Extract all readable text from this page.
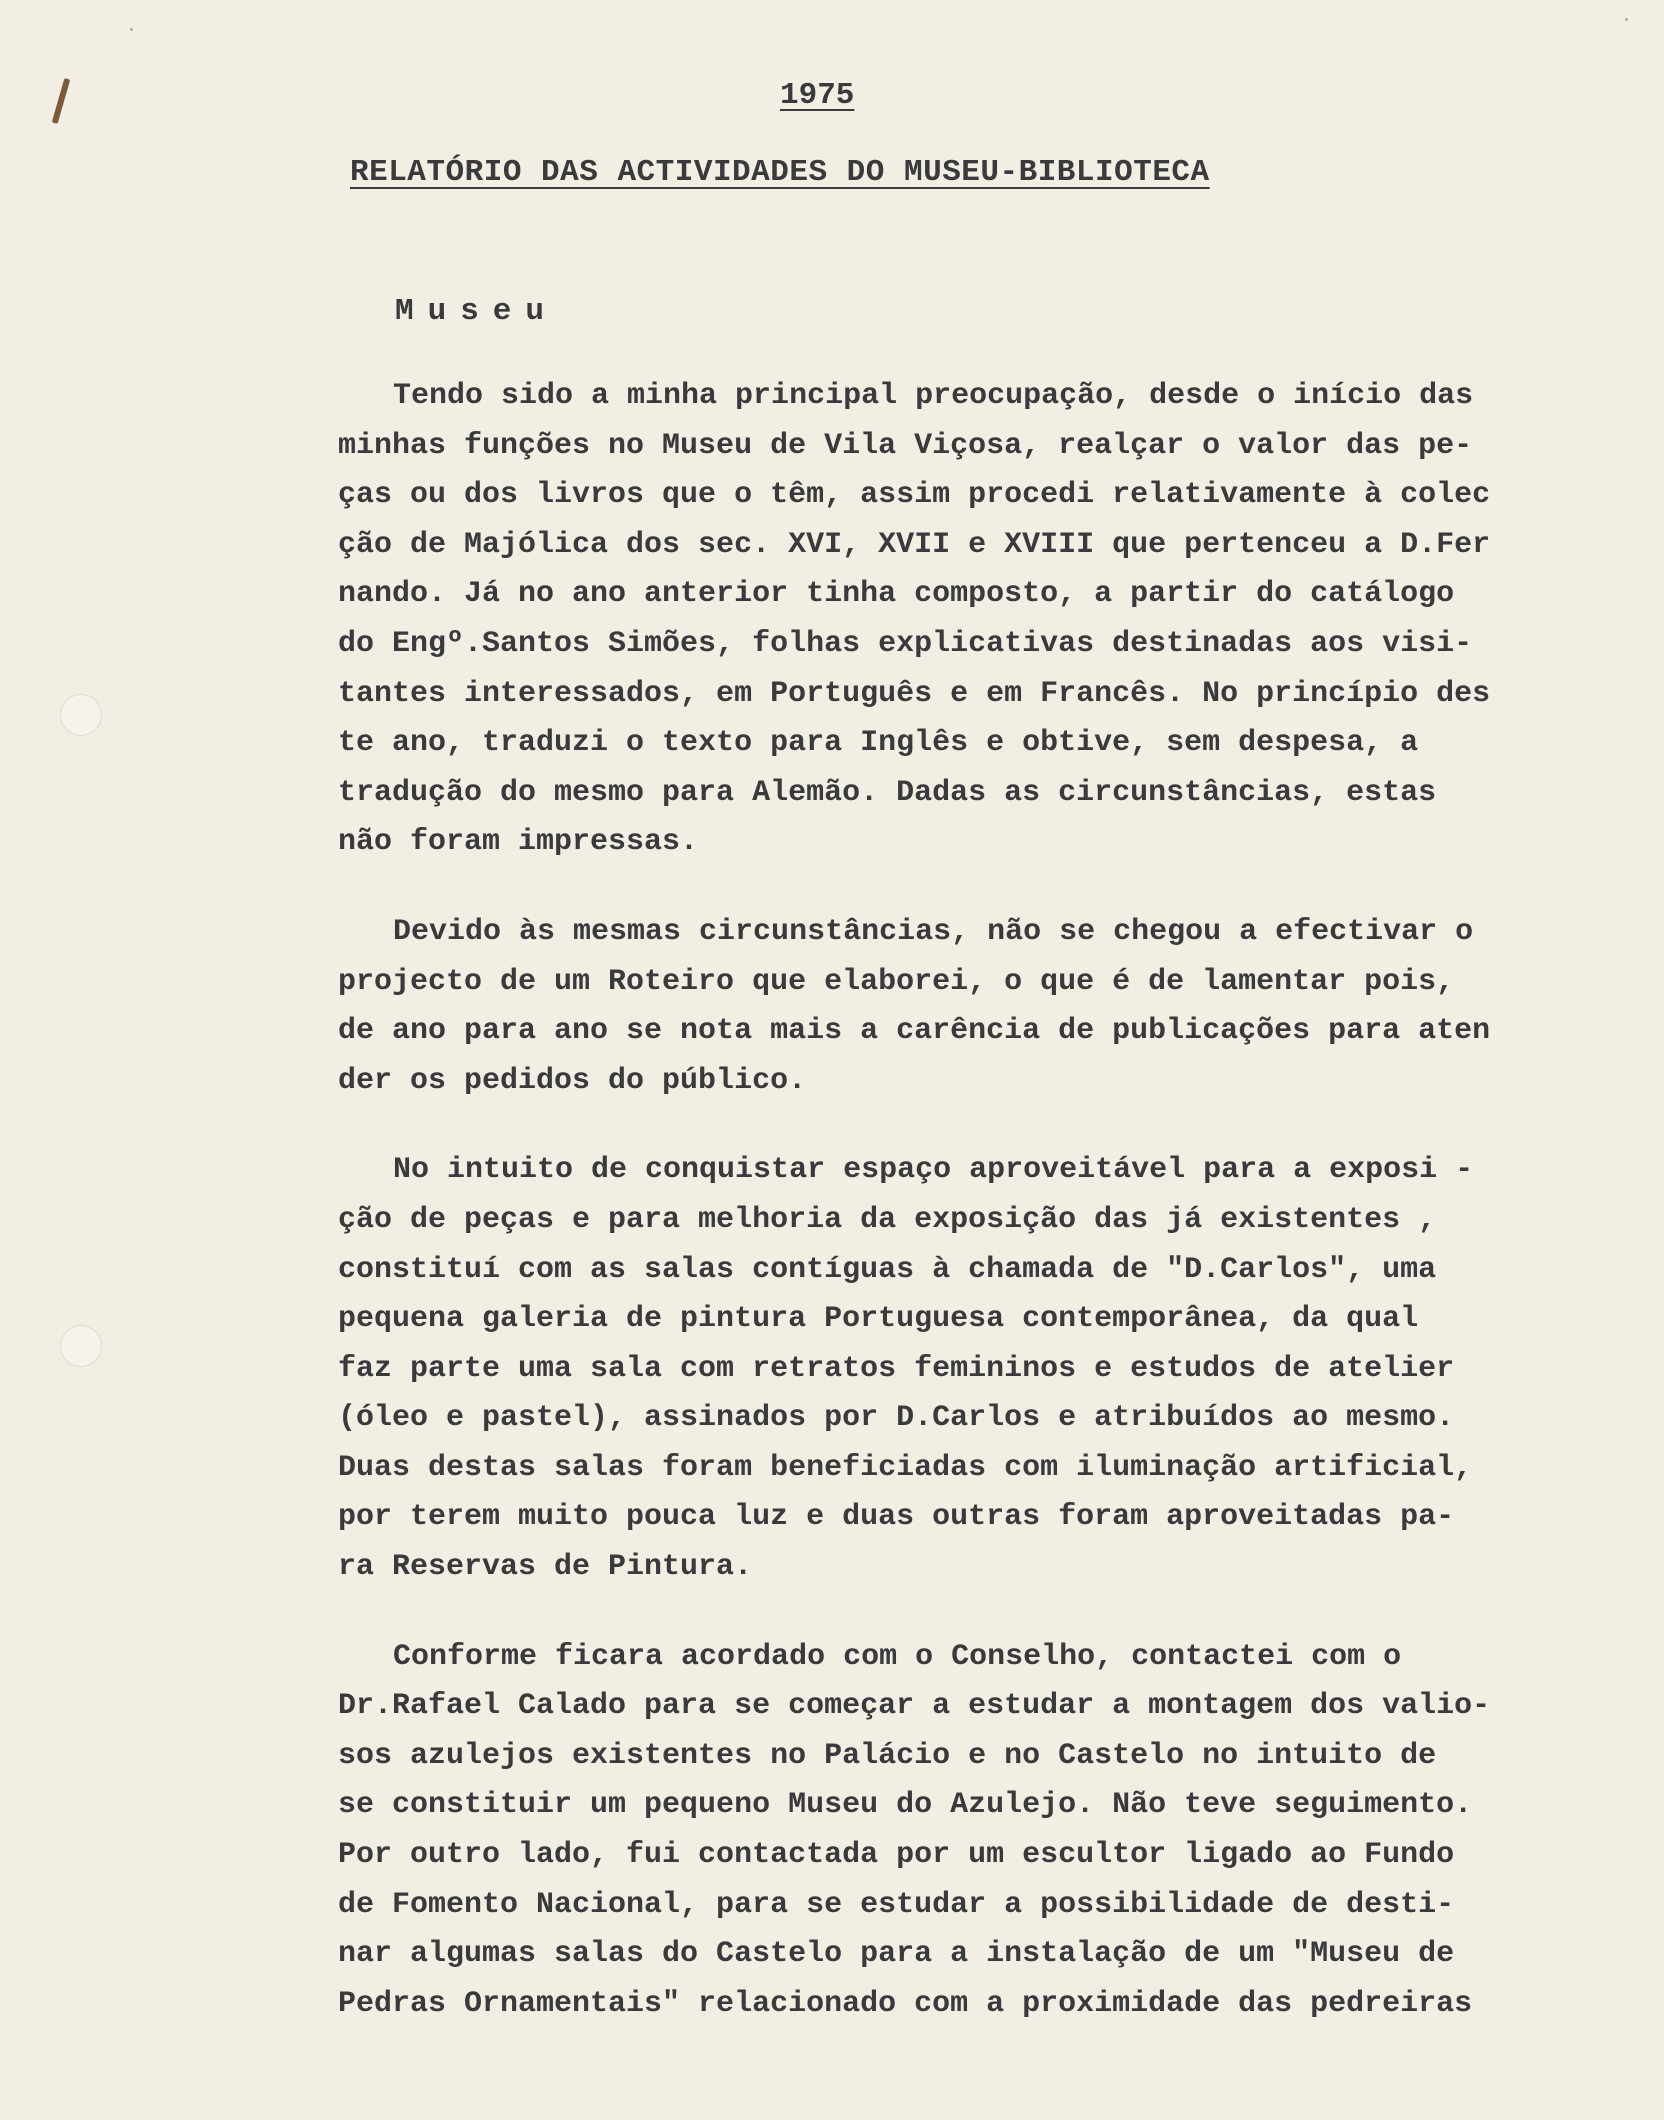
1975
RELATÓRIO DAS ACTIVIDADES DO MUSEU-BIBLIOTECA
Museu
Tendo sido a minha principal preocupação, desde o início das
minhas funções no Museu de Vila Viçosa, realçar o valor das pe-
ças ou dos livros que o têm, assim procedi relativamente à colec
ção de Majólica dos sec. XVI, XVII e XVIII que pertenceu a D.Fer
nando. Já no ano anterior tinha composto, a partir do catálogo
do Engº.Santos Simões, folhas explicativas destinadas aos visi-
tantes interessados, em Português e em Francês. No princípio des
te ano, traduzi o texto para Inglês e obtive, sem despesa, a
tradução do mesmo para Alemão. Dadas as circunstâncias, estas
não foram impressas.
Devido às mesmas circunstâncias, não se chegou a efectivar o
projecto de um Roteiro que elaborei, o que é de lamentar pois,
de ano para ano se nota mais a carência de publicações para aten
der os pedidos do público.
No intuito de conquistar espaço aproveitável para a exposi -
ção de peças e para melhoria da exposição das já existentes ,
constituí com as salas contíguas à chamada de "D.Carlos", uma
pequena galeria de pintura Portuguesa contemporânea, da qual
faz parte uma sala com retratos femininos e estudos de atelier
(óleo e pastel), assinados por D.Carlos e atribuídos ao mesmo.
Duas destas salas foram beneficiadas com iluminação artificial,
por terem muito pouca luz e duas outras foram aproveitadas pa-
ra Reservas de Pintura.
Conforme ficara acordado com o Conselho, contactei com o
Dr.Rafael Calado para se começar a estudar a montagem dos valio-
sos azulejos existentes no Palácio e no Castelo no intuito de
se constituir um pequeno Museu do Azulejo. Não teve seguimento.
Por outro lado, fui contactada por um escultor ligado ao Fundo
de Fomento Nacional, para se estudar a possibilidade de desti-
nar algumas salas do Castelo para a instalação de um "Museu de
Pedras Ornamentais" relacionado com a proximidade das pedreiras
